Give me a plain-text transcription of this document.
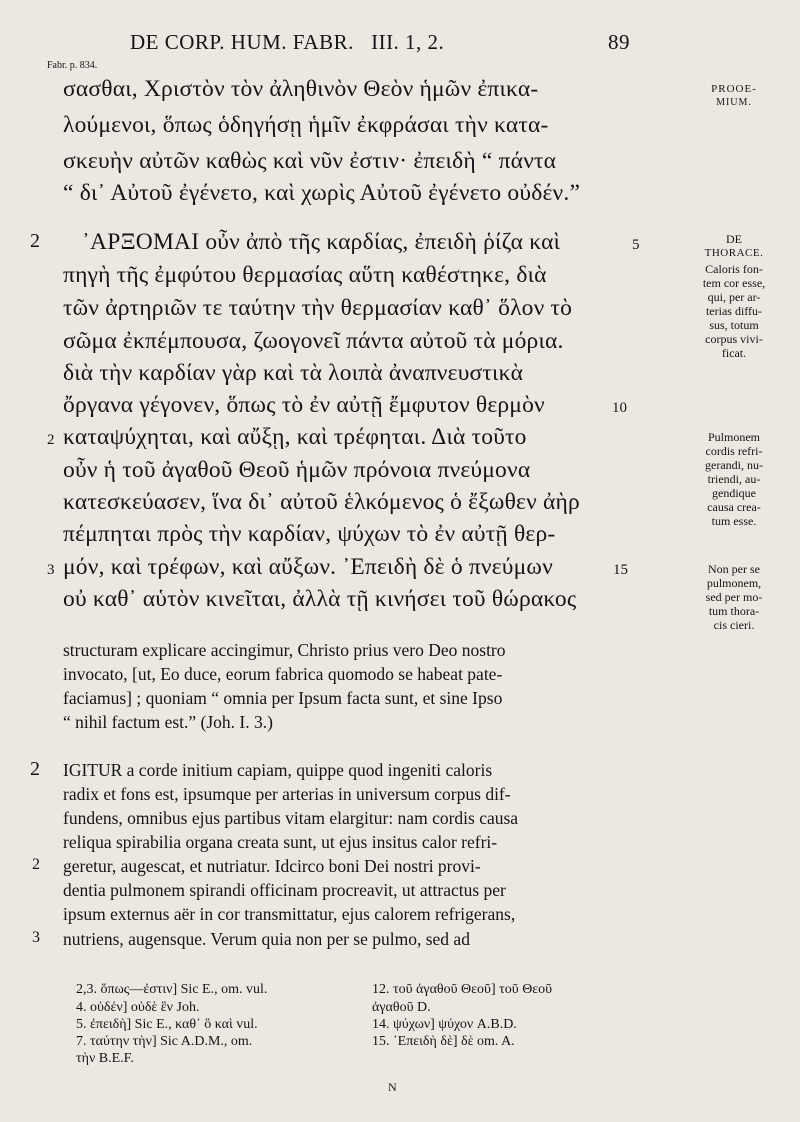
DE CORP. HUM. FABR.   III. 1, 2.	89
Fabr. p. 834.
σασθαι, Χριστὸν τὸν ἀληθινὸν Θεὸν ἡμῶν ἐπικα-
λούμενοι, ὅπως ὁδηγήσῃ ἡμῖν ἐκφράσαι τὴν κατα-
σκευὴν αὐτῶν καθὼς καὶ νῦν ἐστιν· ἐπειδὴ “ πάντα
“ δι᾽ Αὐτοῦ ἐγένετο, καὶ χωρὶς Αὐτοῦ ἐγένετο οὐδέν.”
᾽ΑΡΞΟΜΑΙ οὖν ἀπὸ τῆς καρδίας, ἐπειδὴ ῥίζα καὶ
πηγὴ τῆς ἐμφύτου θερμασίας αὕτη καθέστηκε, διὰ
τῶν ἀρτηριῶν τε ταύτην τὴν θερμασίαν καθ᾽ ὅλον τὸ
σῶμα ἐκπέμπουσα, ζωογονεῖ πάντα αὐτοῦ τὰ μόρια.
διὰ τὴν καρδίαν γὰρ καὶ τὰ λοιπὰ ἀναπνευστικὰ
ὄργανα γέγονεν, ὅπως τὸ ἐν αὐτῇ ἔμφυτον θερμὸν
καταψύχηται, καὶ αὔξῃ, καὶ τρέφηται. Διὰ τοῦτο
οὖν ἡ τοῦ ἀγαθοῦ Θεοῦ ἡμῶν πρόνοια πνεύμονα
κατεσκεύασεν, ἵνα δι᾽ αὐτοῦ ἑλκόμενος ὁ ἔξωθεν ἀὴρ
πέμπηται πρὸς τὴν καρδίαν, ψύχων τὸ ἐν αὐτῇ θερ-
μόν, καὶ τρέφων, καὶ αὔξων. ᾽Επειδὴ δὲ ὁ πνεύμων
οὐ καθ᾽ αὑτὸν κινεῖται, ἀλλὰ τῇ κινήσει τοῦ θώρακος
2	5
10
2
3	15
PROOE-
MIUM.
DE
THORACE.
Caloris fon-
tem cor esse,
qui, per ar-
terias diffu-
sus, totum
corpus vivi-
ficat.
Pulmonem
cordis refri-
gerandi, nu-
triendi, au-
gendique
causa crea-
tum esse.
Non per se
pulmonem,
sed per mo-
tum thora-
cis cieri.
structuram explicare accingimur, Christo prius vero Deo nostro
invocato, [ut, Eo duce, eorum fabrica quomodo se habeat pate-
faciamus] ; quoniam “ omnia per Ipsum facta sunt, et sine Ipso
“ nihil factum est.” (Joh. I. 3.)
IGITUR a corde initium capiam, quippe quod ingeniti caloris
radix et fons est, ipsumque per arterias in universum corpus dif-
fundens, omnibus ejus partibus vitam elargitur: nam cordis causa
reliqua spirabilia organa creata sunt, ut ejus insitus calor refri-
geretur, augescat, et nutriatur. Idcirco boni Dei nostri provi-
dentia pulmonem spirandi officinam procreavit, ut attractus per
ipsum externus aër in cor transmittatur, ejus calorem refrigerans,
nutriens, augensque. Verum quia non per se pulmo, sed ad
2
2
3
2,3. ὅπως—ἐστιν] Sic E., om. vul.
4. οὐδέν] οὐδὲ ἓν Joh.
5. ἐπειδὴ] Sic E., καθ᾽ ὃ καὶ vul.
7. ταύτην τὴν] Sic A.D.M., om.
τὴν B.E.F.
12. τοῦ ἀγαθοῦ Θεοῦ] τοῦ Θεοῦ
ἀγαθοῦ D.
14. ψύχων] ψύχον A.B.D.
15. ᾽Επειδὴ δὲ] δὲ om. A.
N
